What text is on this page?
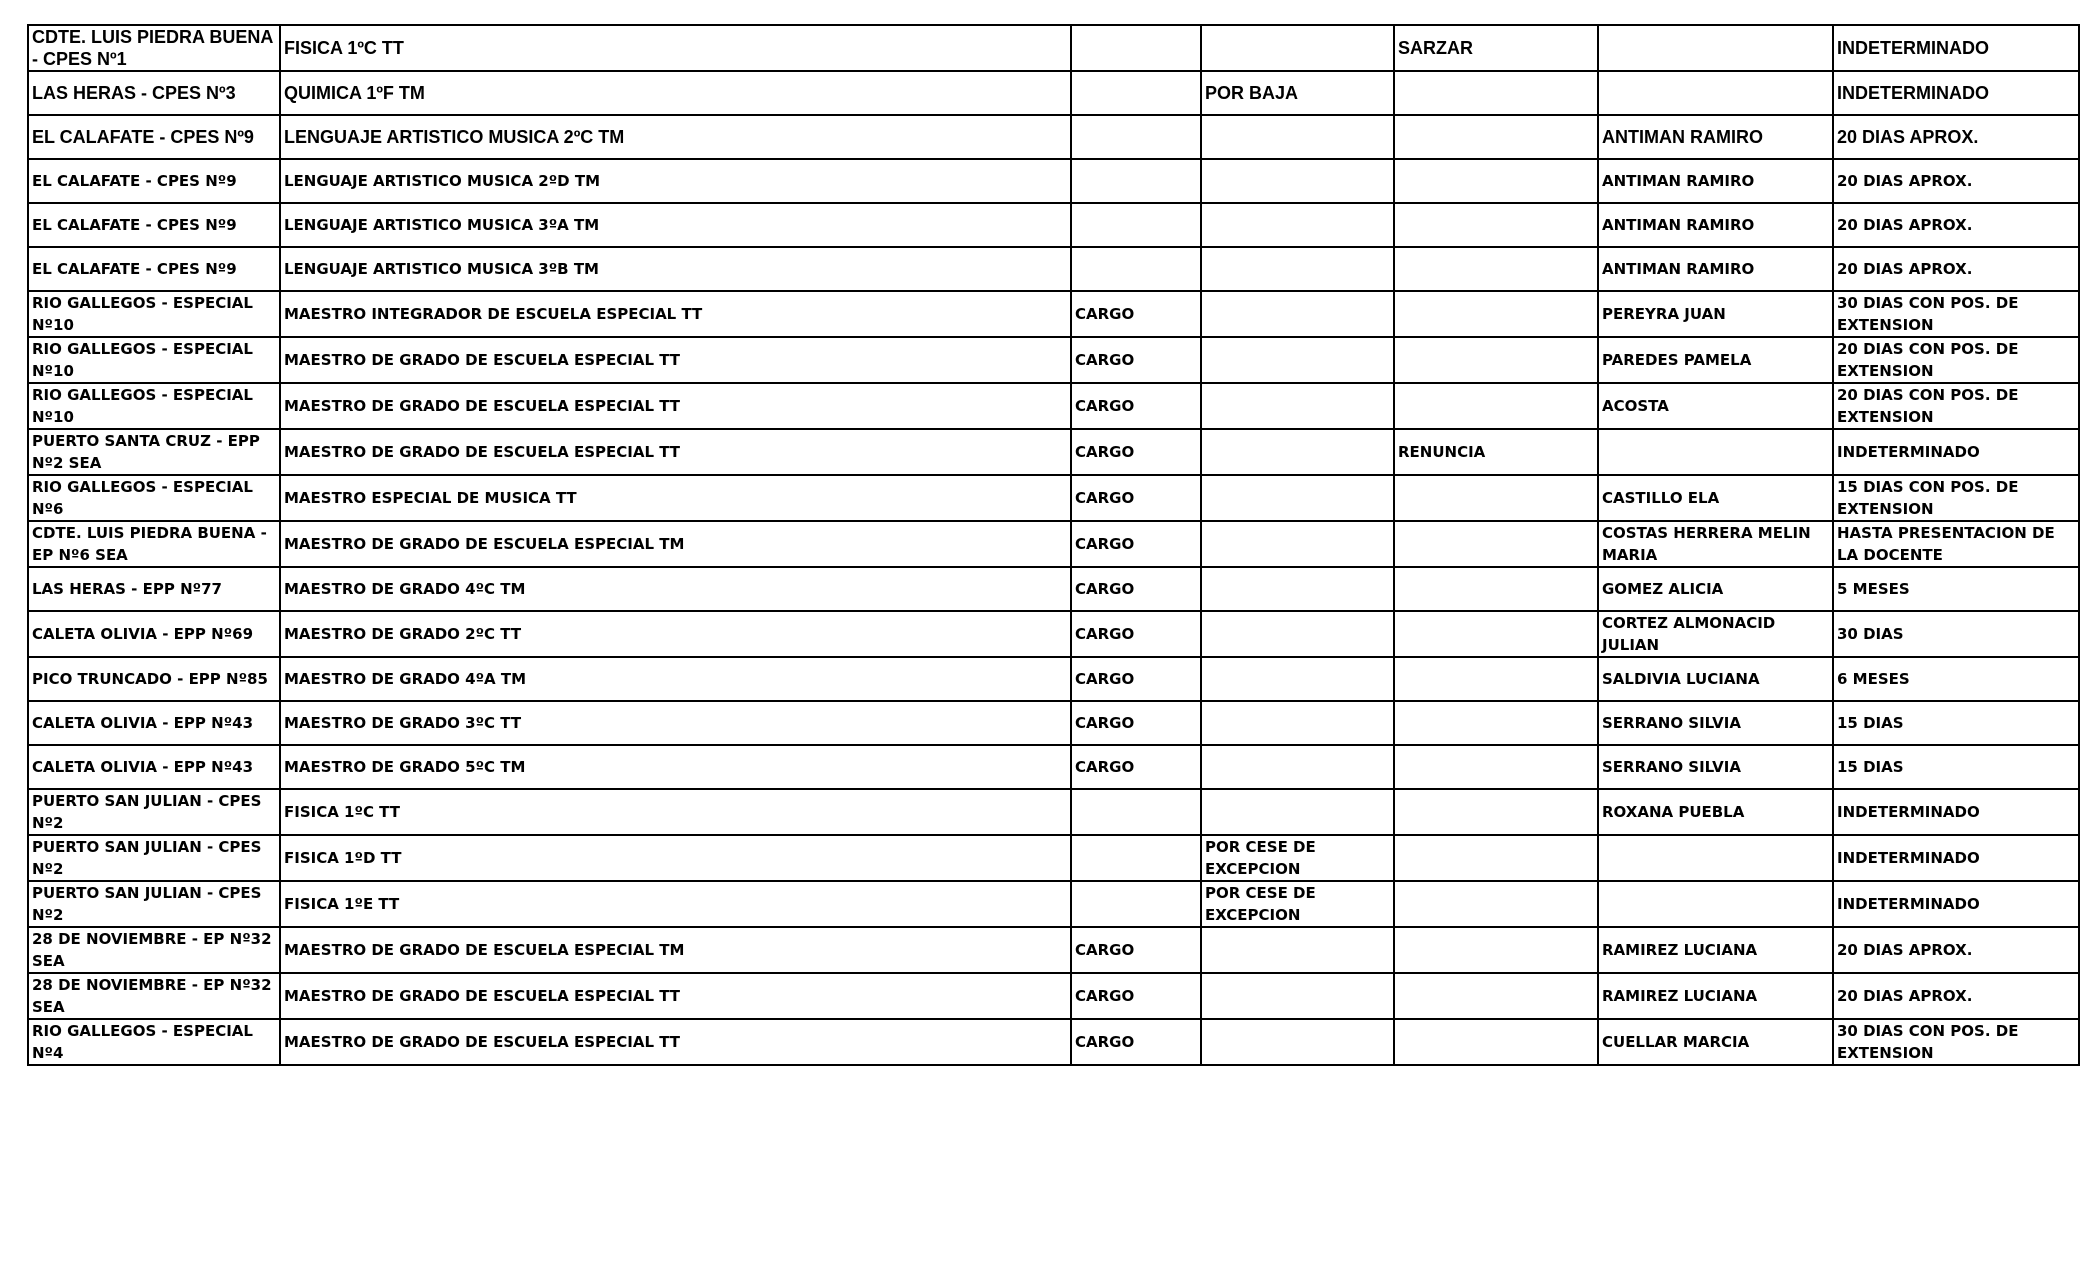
CDTE. LUIS PIEDRA BUENA - CPES Nº1	FISICA 1ºC TT			SARZAR		INDETERMINADO
LAS HERAS - CPES Nº3	QUIMICA 1ºF TM		POR BAJA			INDETERMINADO
EL CALAFATE - CPES Nº9	LENGUAJE ARTISTICO MUSICA 2ºC TM				ANTIMAN RAMIRO	20 DIAS APROX.
EL CALAFATE - CPES Nº9	LENGUAJE ARTISTICO MUSICA 2ºD TM				ANTIMAN RAMIRO	20 DIAS APROX.
EL CALAFATE - CPES Nº9	LENGUAJE ARTISTICO MUSICA 3ºA TM				ANTIMAN RAMIRO	20 DIAS APROX.
EL CALAFATE - CPES Nº9	LENGUAJE ARTISTICO MUSICA 3ºB TM				ANTIMAN RAMIRO	20 DIAS APROX.
RIO GALLEGOS - ESPECIAL Nº10	MAESTRO INTEGRADOR DE ESCUELA ESPECIAL TT	CARGO			PEREYRA JUAN	30 DIAS CON POS. DE EXTENSION
RIO GALLEGOS - ESPECIAL Nº10	MAESTRO DE GRADO DE ESCUELA ESPECIAL TT	CARGO			PAREDES PAMELA	20 DIAS CON POS. DE EXTENSION
RIO GALLEGOS - ESPECIAL Nº10	MAESTRO DE GRADO DE ESCUELA ESPECIAL TT	CARGO			ACOSTA	20 DIAS CON POS. DE EXTENSION
PUERTO SANTA CRUZ - EPP Nº2 SEA	MAESTRO DE GRADO DE ESCUELA ESPECIAL TT	CARGO		RENUNCIA		INDETERMINADO
RIO GALLEGOS - ESPECIAL Nº6	MAESTRO ESPECIAL DE MUSICA TT	CARGO			CASTILLO ELA	15 DIAS CON POS. DE EXTENSION
CDTE. LUIS PIEDRA BUENA - EP Nº6 SEA	MAESTRO DE GRADO DE ESCUELA ESPECIAL TM	CARGO			COSTAS HERRERA MELIN MARIA	HASTA PRESENTACION DE LA DOCENTE
LAS HERAS - EPP Nº77	MAESTRO DE GRADO 4ºC TM	CARGO			GOMEZ ALICIA	5 MESES
CALETA OLIVIA - EPP Nº69	MAESTRO DE GRADO 2ºC TT	CARGO			CORTEZ ALMONACID JULIAN	30 DIAS
PICO TRUNCADO - EPP Nº85	MAESTRO DE GRADO 4ºA TM	CARGO			SALDIVIA LUCIANA	6 MESES
CALETA OLIVIA - EPP Nº43	MAESTRO DE GRADO 3ºC TT	CARGO			SERRANO SILVIA	15 DIAS
CALETA OLIVIA - EPP Nº43	MAESTRO DE GRADO 5ºC TM	CARGO			SERRANO SILVIA	15 DIAS
PUERTO SAN JULIAN - CPES Nº2	FISICA 1ºC TT				ROXANA PUEBLA	INDETERMINADO
PUERTO SAN JULIAN - CPES Nº2	FISICA 1ºD TT		POR CESE DE EXCEPCION			INDETERMINADO
PUERTO SAN JULIAN - CPES Nº2	FISICA 1ºE TT		POR CESE DE EXCEPCION			INDETERMINADO
28 DE NOVIEMBRE - EP Nº32 SEA	MAESTRO DE GRADO DE ESCUELA ESPECIAL TM	CARGO			RAMIREZ LUCIANA	20 DIAS APROX.
28 DE NOVIEMBRE - EP Nº32 SEA	MAESTRO DE GRADO DE ESCUELA ESPECIAL TT	CARGO			RAMIREZ LUCIANA	20 DIAS APROX.
RIO GALLEGOS - ESPECIAL Nº4	MAESTRO DE GRADO DE ESCUELA ESPECIAL TT	CARGO			CUELLAR MARCIA	30 DIAS CON POS. DE EXTENSION
